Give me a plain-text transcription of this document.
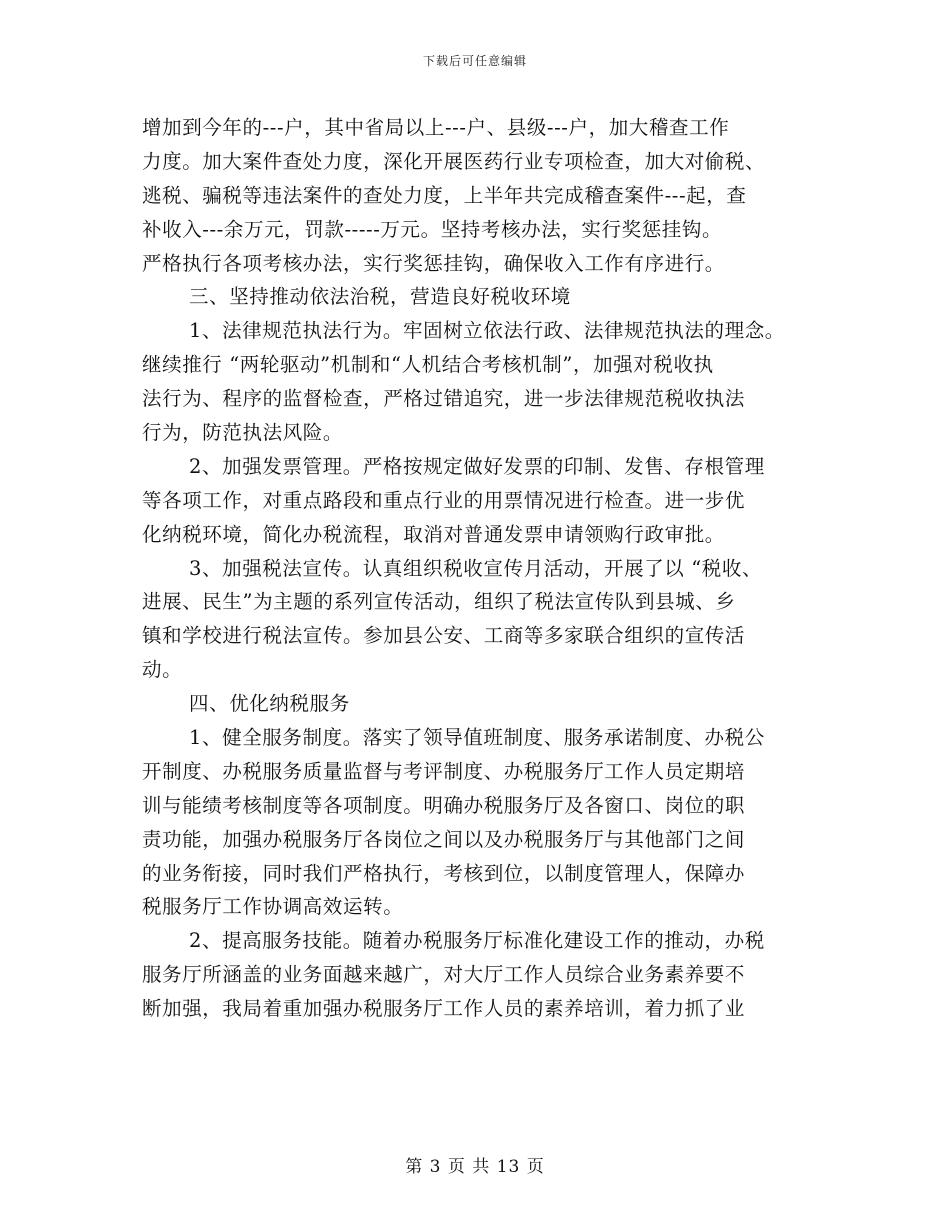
下载后可任意编辑
增加到今年的---户，其中省局以上---户、县级---户，加大稽查工作
力度。加大案件查处力度，深化开展医药行业专项检查，加大对偷税、
逃税、骗税等违法案件的查处力度，上半年共完成稽查案件---起，查
补收入---余万元，罚款-----万元。坚持考核办法，实行奖惩挂钩。
严格执行各项考核办法，实行奖惩挂钩，确保收入工作有序进行。
三、坚持推动依法治税，营造良好税收环境
1、法律规范执法行为。牢固树立依法行政、法律规范执法的理念。
继续推行 “两轮驱动”机制和“人机结合考核机制”，加强对税收执
法行为、程序的监督检查，严格过错追究，进一步法律规范税收执法
行为，防范执法风险。
2、加强发票管理。严格按规定做好发票的印制、发售、存根管理
等各项工作，对重点路段和重点行业的用票情况进行检查。进一步优
化纳税环境，简化办税流程，取消对普通发票申请领购行政审批。
3、加强税法宣传。认真组织税收宣传月活动，开展了以 “税收、
进展、民生”为主题的系列宣传活动，组织了税法宣传队到县城、乡
镇和学校进行税法宣传。参加县公安、工商等多家联合组织的宣传活
动。
四、优化纳税服务
1、健全服务制度。落实了领导值班制度、服务承诺制度、办税公
开制度、办税服务质量监督与考评制度、办税服务厅工作人员定期培
训与能绩考核制度等各项制度。明确办税服务厅及各窗口、岗位的职
责功能，加强办税服务厅各岗位之间以及办税服务厅与其他部门之间
的业务衔接，同时我们严格执行，考核到位，以制度管理人，保障办
税服务厅工作协调高效运转。
2、提高服务技能。随着办税服务厅标准化建设工作的推动，办税
服务厅所涵盖的业务面越来越广，对大厅工作人员综合业务素养要不
断加强，我局着重加强办税服务厅工作人员的素养培训，着力抓了业
第 3 页 共 13 页
